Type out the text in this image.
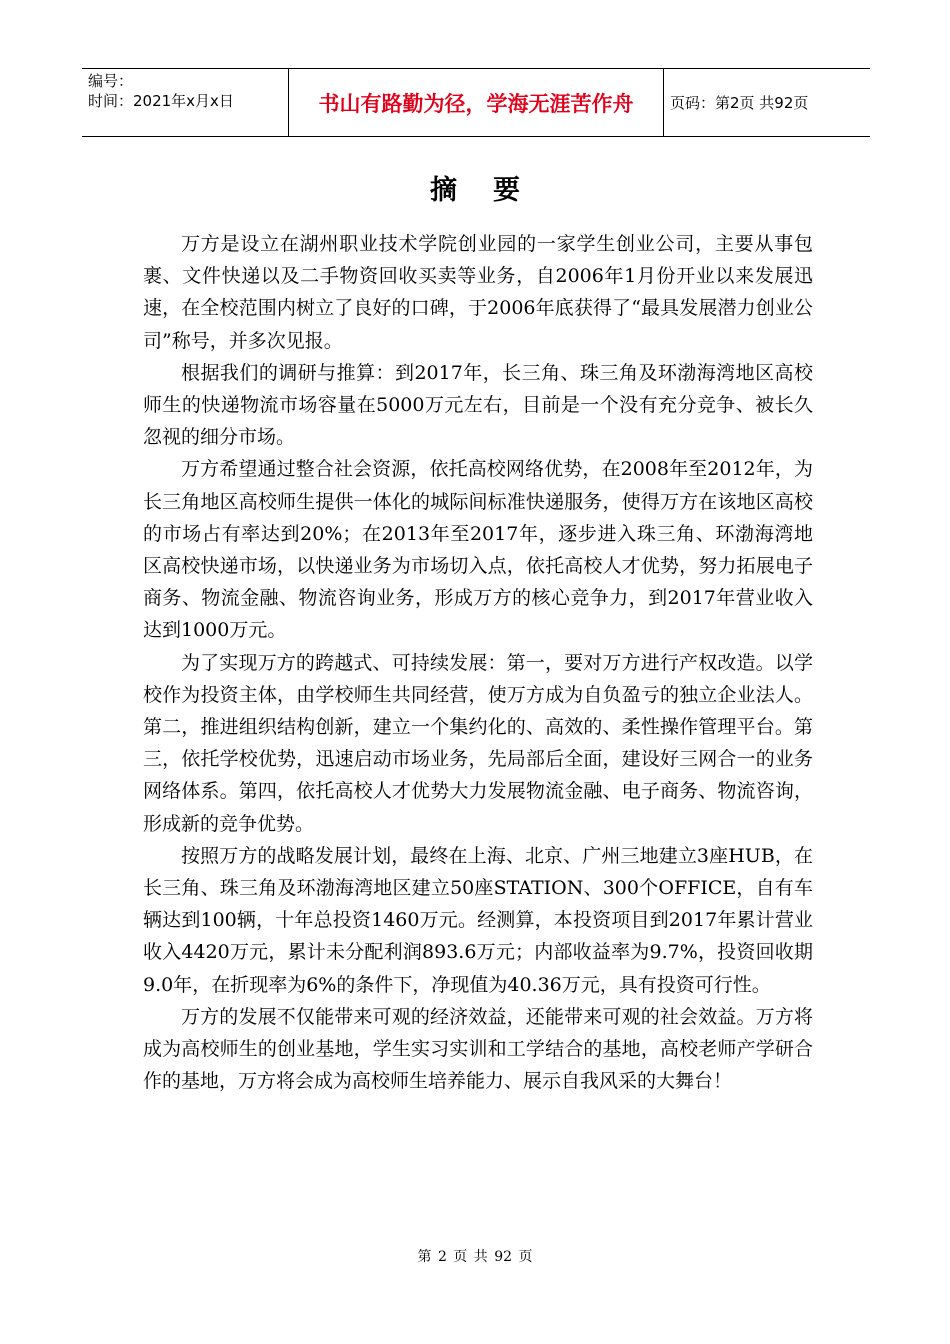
编号：
时间：2021年x月x日	书山有路勤为径，学海无涯苦作舟	页码：第2页 共92页
摘要

万方是设立在湖州职业技术学院创业园的一家学生创业公司，主要从事包裹、文件快递以及二手物资回收买卖等业务，自2006年1月份开业以来发展迅速，在全校范围内树立了良好的口碑，于2006年底获得了“最具发展潜力创业公司”称号，并多次见报。

根据我们的调研与推算：到2017年，长三角、珠三角及环渤海湾地区高校师生的快递物流市场容量在5000万元左右，目前是一个没有充分竞争、被长久忽视的细分市场。

万方希望通过整合社会资源，依托高校网络优势，在2008年至2012年，为长三角地区高校师生提供一体化的城际间标准快递服务，使得万方在该地区高校的市场占有率达到20%；在2013年至2017年，逐步进入珠三角、环渤海湾地区高校快递市场，以快递业务为市场切入点，依托高校人才优势，努力拓展电子商务、物流金融、物流咨询业务，形成万方的核心竞争力，到2017年营业收入达到1000万元。

为了实现万方的跨越式、可持续发展：第一，要对万方进行产权改造。以学校作为投资主体，由学校师生共同经营，使万方成为自负盈亏的独立企业法人。第二，推进组织结构创新，建立一个集约化的、高效的、柔性操作管理平台。第三，依托学校优势，迅速启动市场业务，先局部后全面，建设好三网合一的业务网络体系。第四，依托高校人才优势大力发展物流金融、电子商务、物流咨询，形成新的竞争优势。

按照万方的战略发展计划，最终在上海、北京、广州三地建立3座HUB，在长三角、珠三角及环渤海湾地区建立50座STATION、300个OFFICE，自有车辆达到100辆，十年总投资1460万元。经测算，本投资项目到2017年累计营业收入4420万元，累计未分配利润893.6万元；内部收益率为9.7%，投资回收期9.0年，在折现率为6%的条件下，净现值为40.36万元，具有投资可行性。

万方的发展不仅能带来可观的经济效益，还能带来可观的社会效益。万方将成为高校师生的创业基地，学生实习实训和工学结合的基地，高校老师产学研合作的基地，万方将会成为高校师生培养能力、展示自我风采的大舞台！

第 2 页 共 92 页
